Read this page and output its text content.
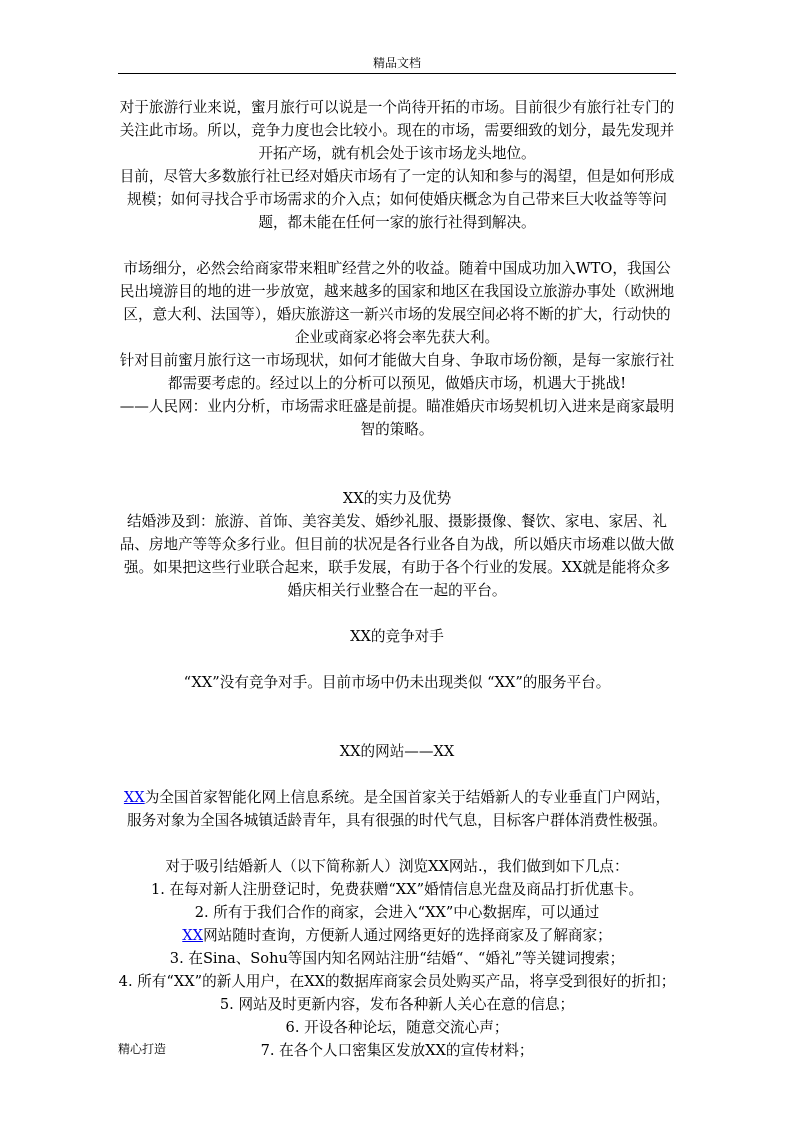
精品文档

对于旅游行业来说，蜜月旅行可以说是一个尚待开拓的市场。目前很少有旅行社专门的关注此市场。所以，竞争力度也会比较小。现在的市场，需要细致的划分，最先发现并开拓产场，就有机会处于该市场龙头地位。

目前，尽管大多数旅行社已经对婚庆市场有了一定的认知和参与的渴望，但是如何形成规模；如何寻找合乎市场需求的介入点；如何使婚庆概念为自己带来巨大收益等等问题，都未能在任何一家的旅行社得到解决。

市场细分，必然会给商家带来粗旷经营之外的收益。随着中国成功加入WTO，我国公民出境游目的地的进一步放宽，越来越多的国家和地区在我国设立旅游办事处（欧洲地区，意大利、法国等），婚庆旅游这一新兴市场的发展空间必将不断的扩大，行动快的企业或商家必将会率先获大利。

针对目前蜜月旅行这一市场现状，如何才能做大自身、争取市场份额，是每一家旅行社都需要考虑的。经过以上的分析可以预见，做婚庆市场，机遇大于挑战!

——人民网：业内分析，市场需求旺盛是前提。瞄准婚庆市场契机切入进来是商家最明智的策略。

XX的实力及优势

结婚涉及到：旅游、首饰、美容美发、婚纱礼服、摄影摄像、餐饮、家电、家居、礼品、房地产等等众多行业。但目前的状况是各行业各自为战，所以婚庆市场难以做大做强。如果把这些行业联合起来，联手发展，有助于各个行业的发展。XX就是能将众多婚庆相关行业整合在一起的平台。

XX的竞争对手

“XX”没有竞争对手。目前市场中仍未出现类似 “XX”的服务平台。

XX的网站——XX

XX为全国首家智能化网上信息系统。是全国首家关于结婚新人的专业垂直门户网站，服务对象为全国各城镇适龄青年，具有很强的时代气息，目标客户群体消费性极强。

对于吸引结婚新人（以下简称新人）浏览XX网站.，我们做到如下几点：

1. 在每对新人注册登记时，免费获赠“XX”婚情信息光盘及商品打折优惠卡。

2. 所有于我们合作的商家，会进入“XX”中心数据库，可以通过
XX网站随时查询，方便新人通过网络更好的选择商家及了解商家；

3. 在Sina、Sohu等国内知名网站注册“结婚“、“婚礼”等关键词搜索；

4. 所有“XX”的新人用户，在XX的数据库商家会员处购买产品，将享受到很好的折扣；

5. 网站及时更新内容，发布各种新人关心在意的信息；

6. 开设各种论坛，随意交流心声；

7. 在各个人口密集区发放XX的宣传材料；

精心打造
